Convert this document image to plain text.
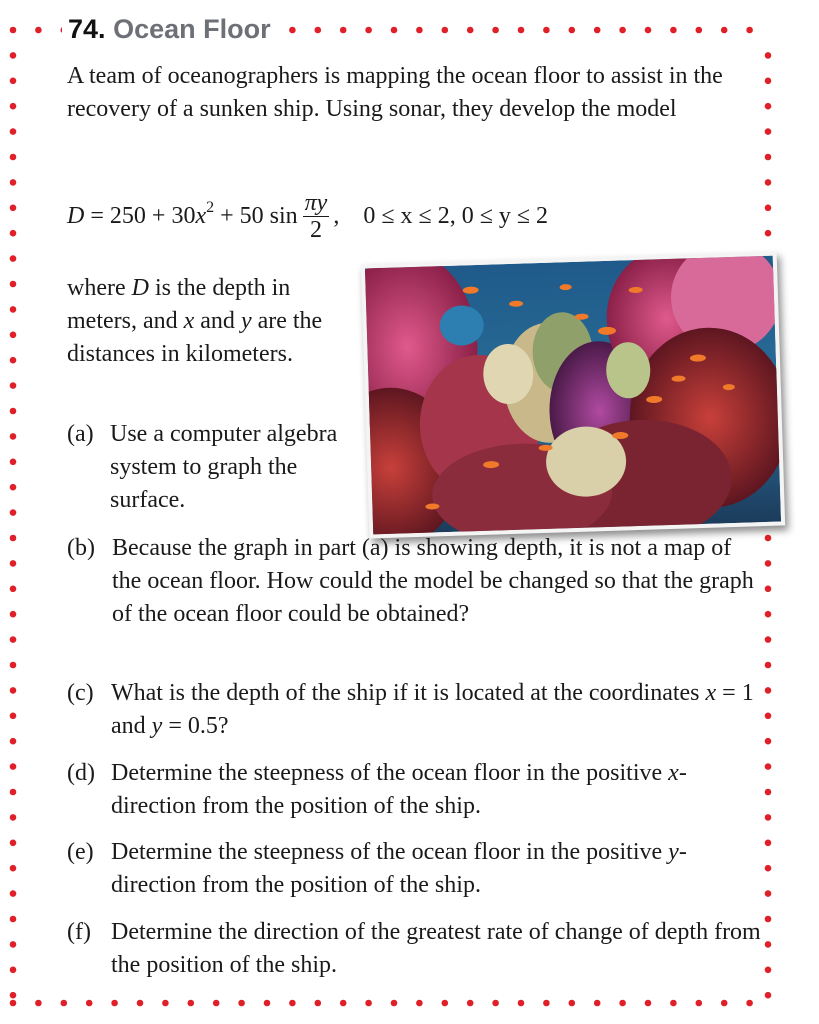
74. Ocean Floor

A team of oceanographers is mapping the ocean floor to assist in the recovery of a sunken ship. Using sonar, they develop the model

D
=
250
+
30 x 2
+
50 $\sin \frac{\pi y}{2}$ , 0 ≤ x ≤ 2, 0 ≤ y ≤ 2

where D is the depth in meters, and x and y are the distances in kilometers.

(a) Use a computer algebra system to graph the surface.
(b) Because the graph in part (a) is showing depth, it is not a map of the ocean floor. How could the model be changed so that the graph of the ocean floor could be obtained?
(c) What is the depth of the ship if it is located at the coordinates x = 1 and y = 0.5?
(d) Determine the steepness of the ocean floor in the positive x-direction from the position of the ship.
(e) Determine the steepness of the ocean floor in the positive y-direction from the position of the ship.
(f) Determine the direction of the greatest rate of change of depth from the position of the ship.
